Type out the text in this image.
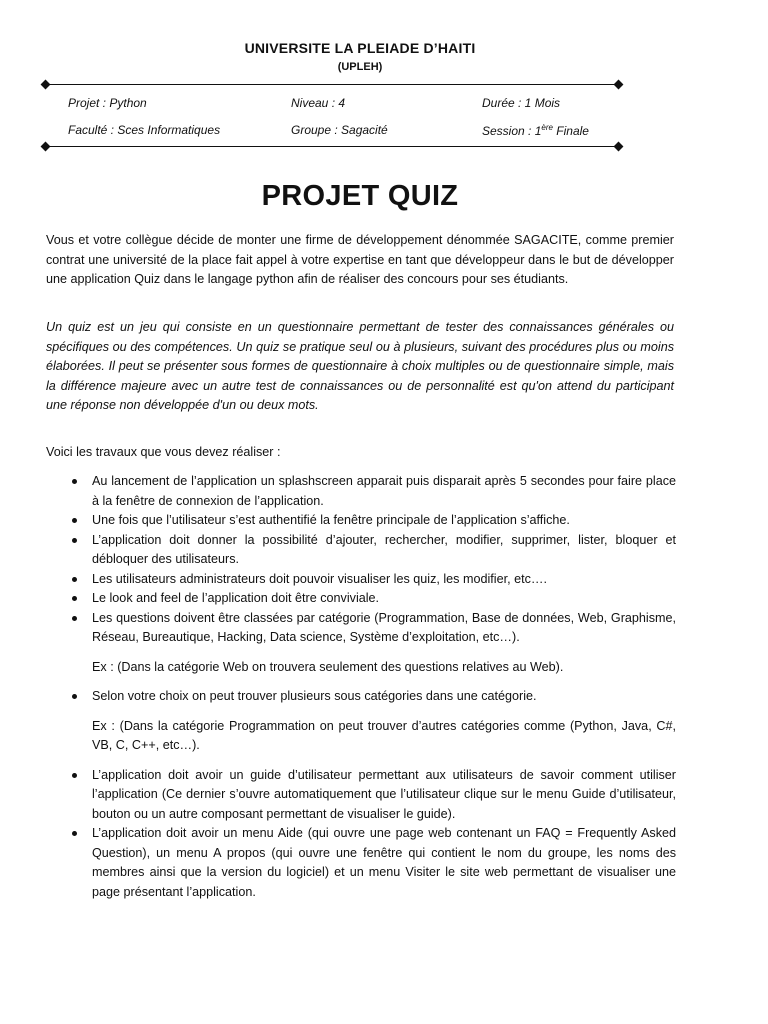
UNIVERSITE LA PLEIADE D’HAITI
(UPLEH)
Projet : Python	Niveau : 4	Durée : 1 Mois
Faculté : Sces Informatiques	Groupe : Sagacité	Session : 1ère Finale
PROJET QUIZ

Vous et votre collègue décide de monter une firme de développement dénommée SAGACITE, comme premier contrat une université de la place fait appel à votre expertise en tant que développeur dans le but de développer une application Quiz dans le langage python afin de réaliser des concours pour ses étudiants.

Un quiz est un jeu qui consiste en un questionnaire permettant de tester des connaissances générales ou spécifiques ou des compétences. Un quiz se pratique seul ou à plusieurs, suivant des procédures plus ou moins élaborées. Il peut se présenter sous formes de questionnaire à choix multiples ou de questionnaire simple, mais la différence majeure avec un autre test de connaissances ou de personnalité est qu'on attend du participant une réponse non développée d'un ou deux mots.

Voici les travaux que vous devez réaliser :

Au lancement de l’application un splashscreen apparait puis disparait après 5 secondes pour faire place à la fenêtre de connexion de l’application.
Une fois que l’utilisateur s’est authentifié la fenêtre principale de l’application s’affiche.
L’application doit donner la possibilité d’ajouter, rechercher, modifier, supprimer, lister, bloquer et débloquer des utilisateurs.
Les utilisateurs administrateurs doit pouvoir visualiser les quiz, les modifier, etc….
Le look and feel de l’application doit être conviviale.
Les questions doivent être classées par catégorie (Programmation, Base de données, Web, Graphisme, Réseau, Bureautique, Hacking, Data science, Système d’exploitation, etc…).
Ex : (Dans la catégorie Web on trouvera seulement des questions relatives au Web).
Selon votre choix on peut trouver plusieurs sous catégories dans une catégorie.
Ex : (Dans la catégorie Programmation on peut trouver d’autres catégories comme (Python, Java, C#, VB, C, C++, etc…).
L’application doit avoir un guide d’utilisateur permettant aux utilisateurs de savoir comment utiliser l’application (Ce dernier s’ouvre automatiquement que l’utilisateur clique sur le menu Guide d’utilisateur, bouton ou un autre composant permettant de visualiser le guide).
L’application doit avoir un menu Aide (qui ouvre une page web contenant un FAQ = Frequently Asked Question), un menu A propos (qui ouvre une fenêtre qui contient le nom du groupe, les noms des membres ainsi que la version du logiciel) et un menu Visiter le site web permettant de visualiser une page présentant l’application.
